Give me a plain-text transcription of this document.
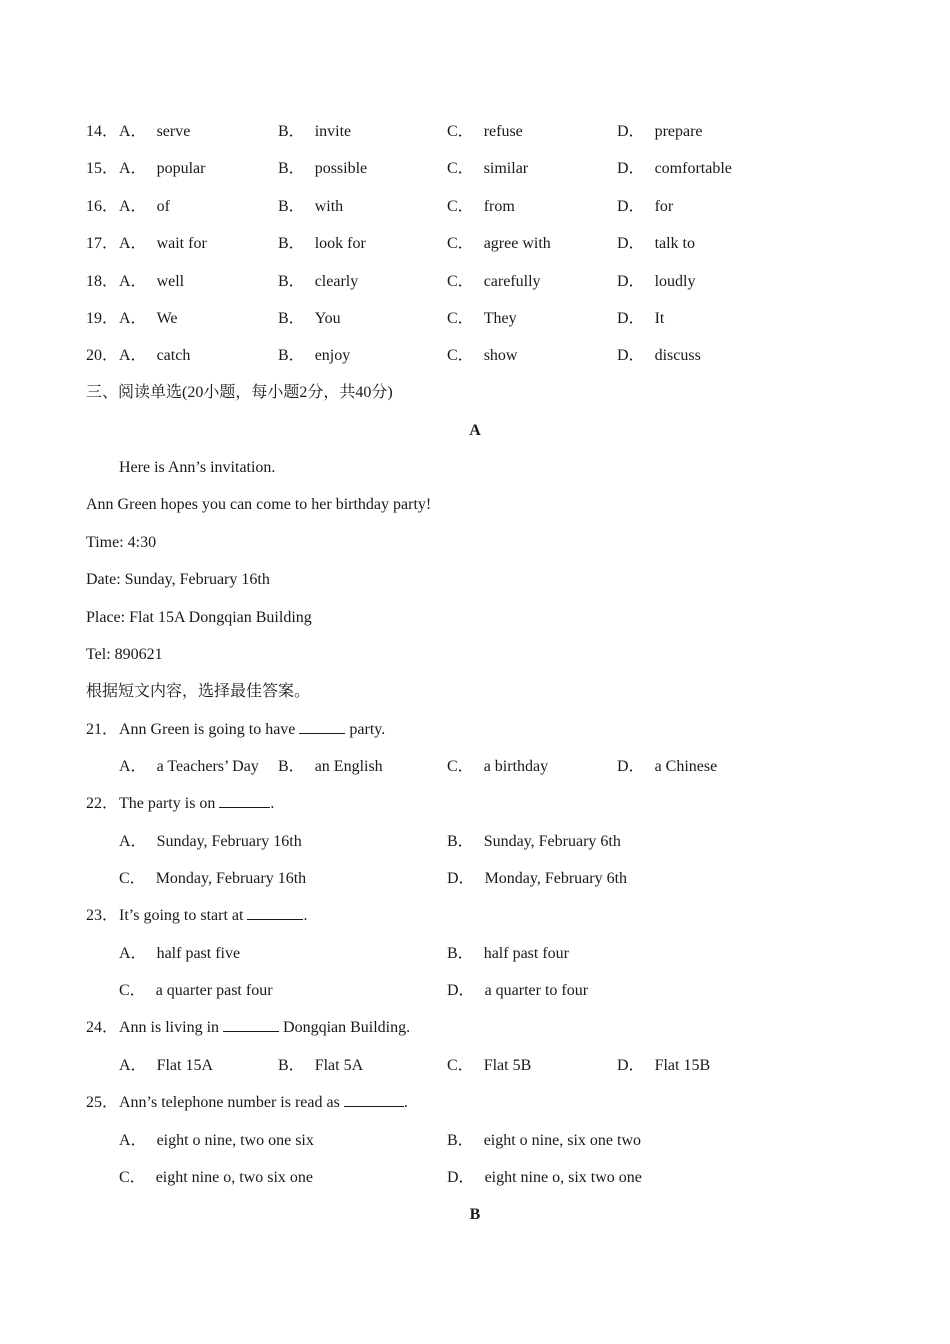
14． A． serve	B． invite	C． refuse	D． prepare
15． A． popular	B． possible	C． similar	D． comfortable
16． A． of	B． with	C． from	D． for
17． A． wait for	B． look for	C． agree with	D． talk to
18． A． well	B． clearly	C． carefully	D． loudly
19． A． We	B． You	C． They	D． It
20． A． catch	B． enjoy	C． show	D． discuss
三、阅读单选(20小题，每小题2分，共40分)
A
Here is Ann’s invitation.
Ann Green hopes you can come to her birthday party!
Time: 4:30
Date: Sunday, February 16th
Place: Flat 15A Dongqian Building
Tel: 890621
根据短文内容，选择最佳答案。
21． Ann Green is going to have	party.
A． a Teachers’ Day B． an English	C． a birthday	D． a Chinese
22． The party is on	.
A． Sunday, February 16th	B． Sunday, February 6th
C． Monday, February 16th	D． Monday, February 6th
23． It’s going to start at	.
A． half past five	B． half past four
C． a quarter past four	D． a quarter to four
24． Ann is living in	Dongqian Building.
A． Flat 15A	B． Flat 5A	C． Flat 5B	D． Flat 15B
25． Ann’s telephone number is read as	.
A． eight o nine, two one six	B． eight o nine, six one two
C． eight nine o, two six one	D． eight nine o, six two one
B
